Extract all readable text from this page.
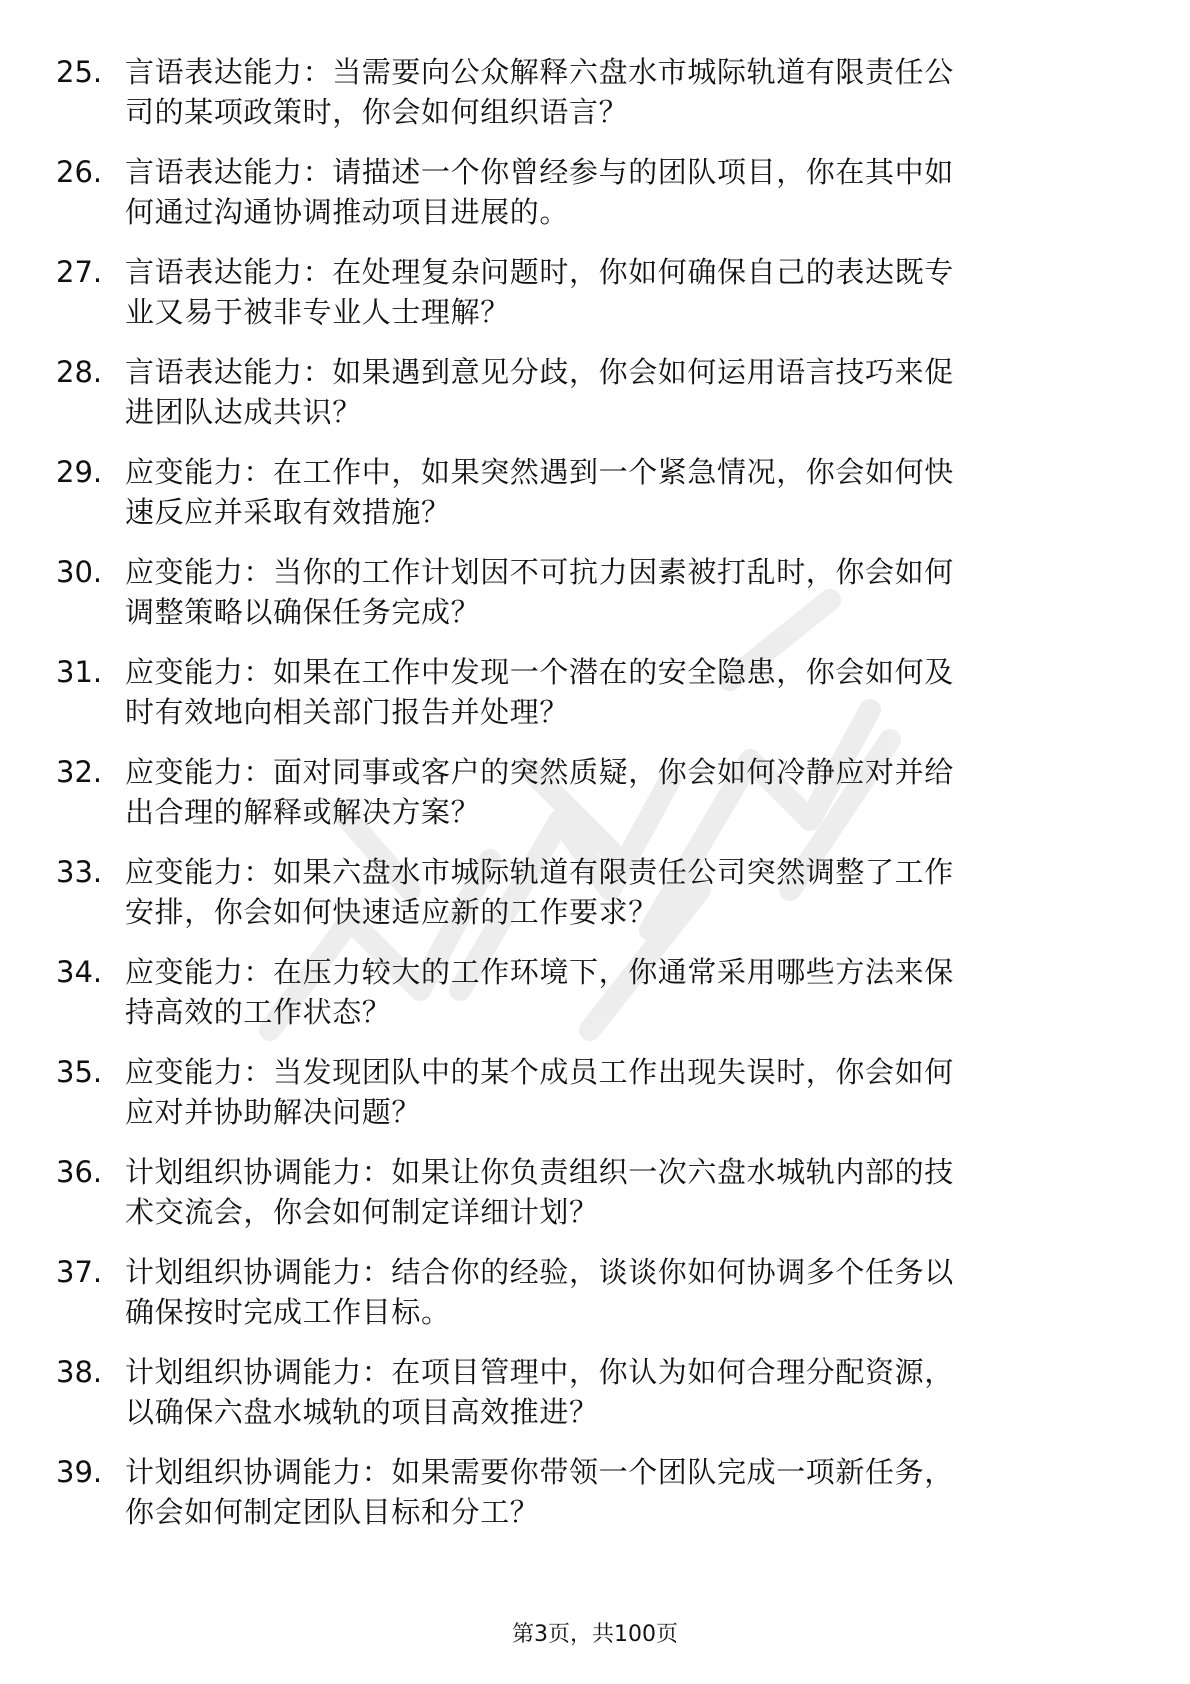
25. 言语表达能力：当需要向公众解释六盘水市城际轨道有限责任公
司的某项政策时，你会如何组织语言？
26. 言语表达能力：请描述一个你曾经参与的团队项目，你在其中如
何通过沟通协调推动项目进展的。
27. 言语表达能力：在处理复杂问题时，你如何确保自己的表达既专
业又易于被非专业人士理解？
28. 言语表达能力：如果遇到意见分歧，你会如何运用语言技巧来促
进团队达成共识？
29. 应变能力：在工作中，如果突然遇到一个紧急情况，你会如何快
速反应并采取有效措施？
30. 应变能力：当你的工作计划因不可抗力因素被打乱时，你会如何
调整策略以确保任务完成？
31. 应变能力：如果在工作中发现一个潜在的安全隐患，你会如何及
时有效地向相关部门报告并处理？
32. 应变能力：面对同事或客户的突然质疑，你会如何冷静应对并给
出合理的解释或解决方案？
33. 应变能力：如果六盘水市城际轨道有限责任公司突然调整了工作
安排，你会如何快速适应新的工作要求？
34. 应变能力：在压力较大的工作环境下，你通常采用哪些方法来保
持高效的工作状态？
35. 应变能力：当发现团队中的某个成员工作出现失误时，你会如何
应对并协助解决问题？
36. 计划组织协调能力：如果让你负责组织一次六盘水城轨内部的技
术交流会，你会如何制定详细计划？
37. 计划组织协调能力：结合你的经验，谈谈你如何协调多个任务以
确保按时完成工作目标。
38. 计划组织协调能力：在项目管理中，你认为如何合理分配资源，
以确保六盘水城轨的项目高效推进？
39. 计划组织协调能力：如果需要你带领一个团队完成一项新任务，
你会如何制定团队目标和分工？
第3页，共100页
